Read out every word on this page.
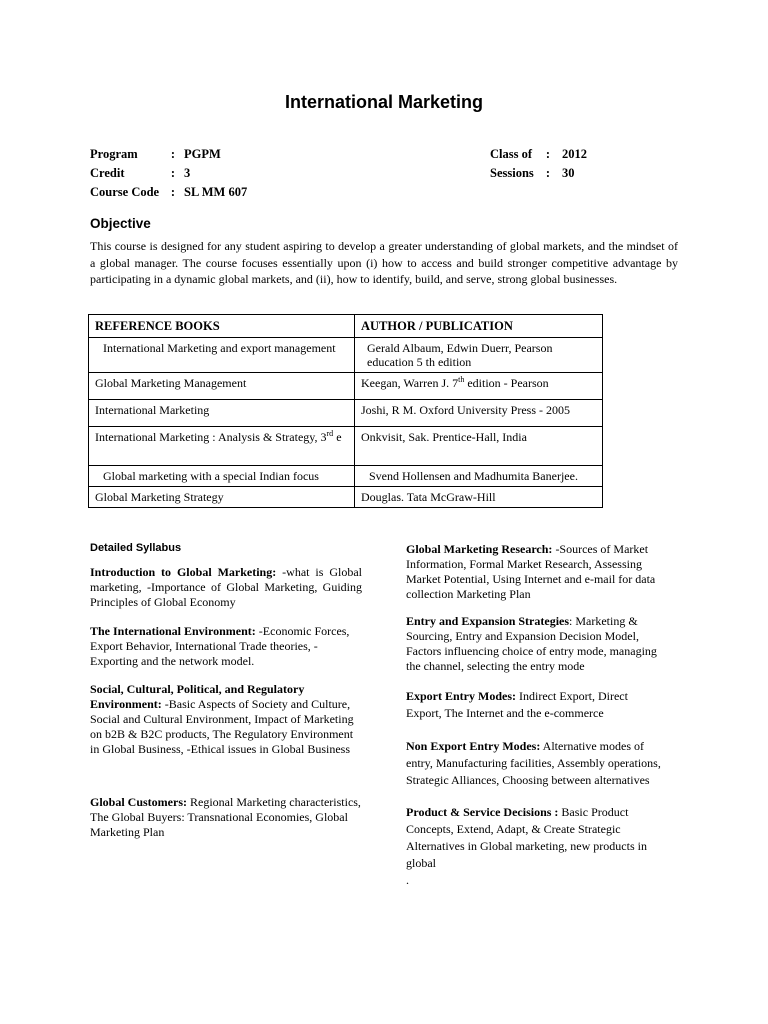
International Marketing
Program	: PGPM
Credit	: 3
Course Code : SL MM 607
Class of	: 2012
Sessions : 30
Objective
This course is designed for any student aspiring to develop a greater understanding of global markets, and the mindset of a global manager. The course focuses essentially upon (i) how to access and build stronger competitive advantage by participating in a dynamic global markets, and (ii), how to identify, build, and serve, strong global businesses.
REFERENCE BOOKS	AUTHOR / PUBLICATION
International Marketing and export management	Gerald Albaum, Edwin Duerr, Pearson education 5 th edition
Global Marketing Management	Keegan, Warren J. 7th edition - Pearson
International Marketing	Joshi, R M. Oxford University Press - 2005
International Marketing : Analysis & Strategy, 3rd e	Onkvisit, Sak. Prentice-Hall, India
Global marketing with a special Indian focus	Svend Hollensen and Madhumita Banerjee.
Global Marketing Strategy	Douglas. Tata McGraw-Hill
Detailed Syllabus
Introduction to Global Marketing: -what is Global marketing, -Importance of Global Marketing, Guiding Principles of Global Economy
The International Environment: -Economic Forces, Export Behavior, International Trade theories, -Exporting and the network model.
Social, Cultural, Political, and Regulatory Environment: -Basic Aspects of Society and Culture, Social and Cultural Environment, Impact of Marketing on b2B & B2C products, The Regulatory Environment in Global Business, -Ethical issues in Global Business
Global Customers: Regional Marketing characteristics, The Global Buyers: Transnational Economies, Global Marketing Plan
Global Marketing Research: -Sources of Market Information, Formal Market Research, Assessing Market Potential, Using Internet and e-mail for data collection Marketing Plan
Entry and Expansion Strategies: Marketing & Sourcing, Entry and Expansion Decision Model, Factors influencing choice of entry mode, managing the channel, selecting the entry mode
Export Entry Modes: Indirect Export, Direct Export, The Internet and the e-commerce
Non Export Entry Modes: Alternative modes of entry, Manufacturing facilities, Assembly operations, Strategic Alliances, Choosing between alternatives
Product & Service Decisions : Basic Product Concepts, Extend, Adapt, & Create Strategic Alternatives in Global marketing, new products in global
.
